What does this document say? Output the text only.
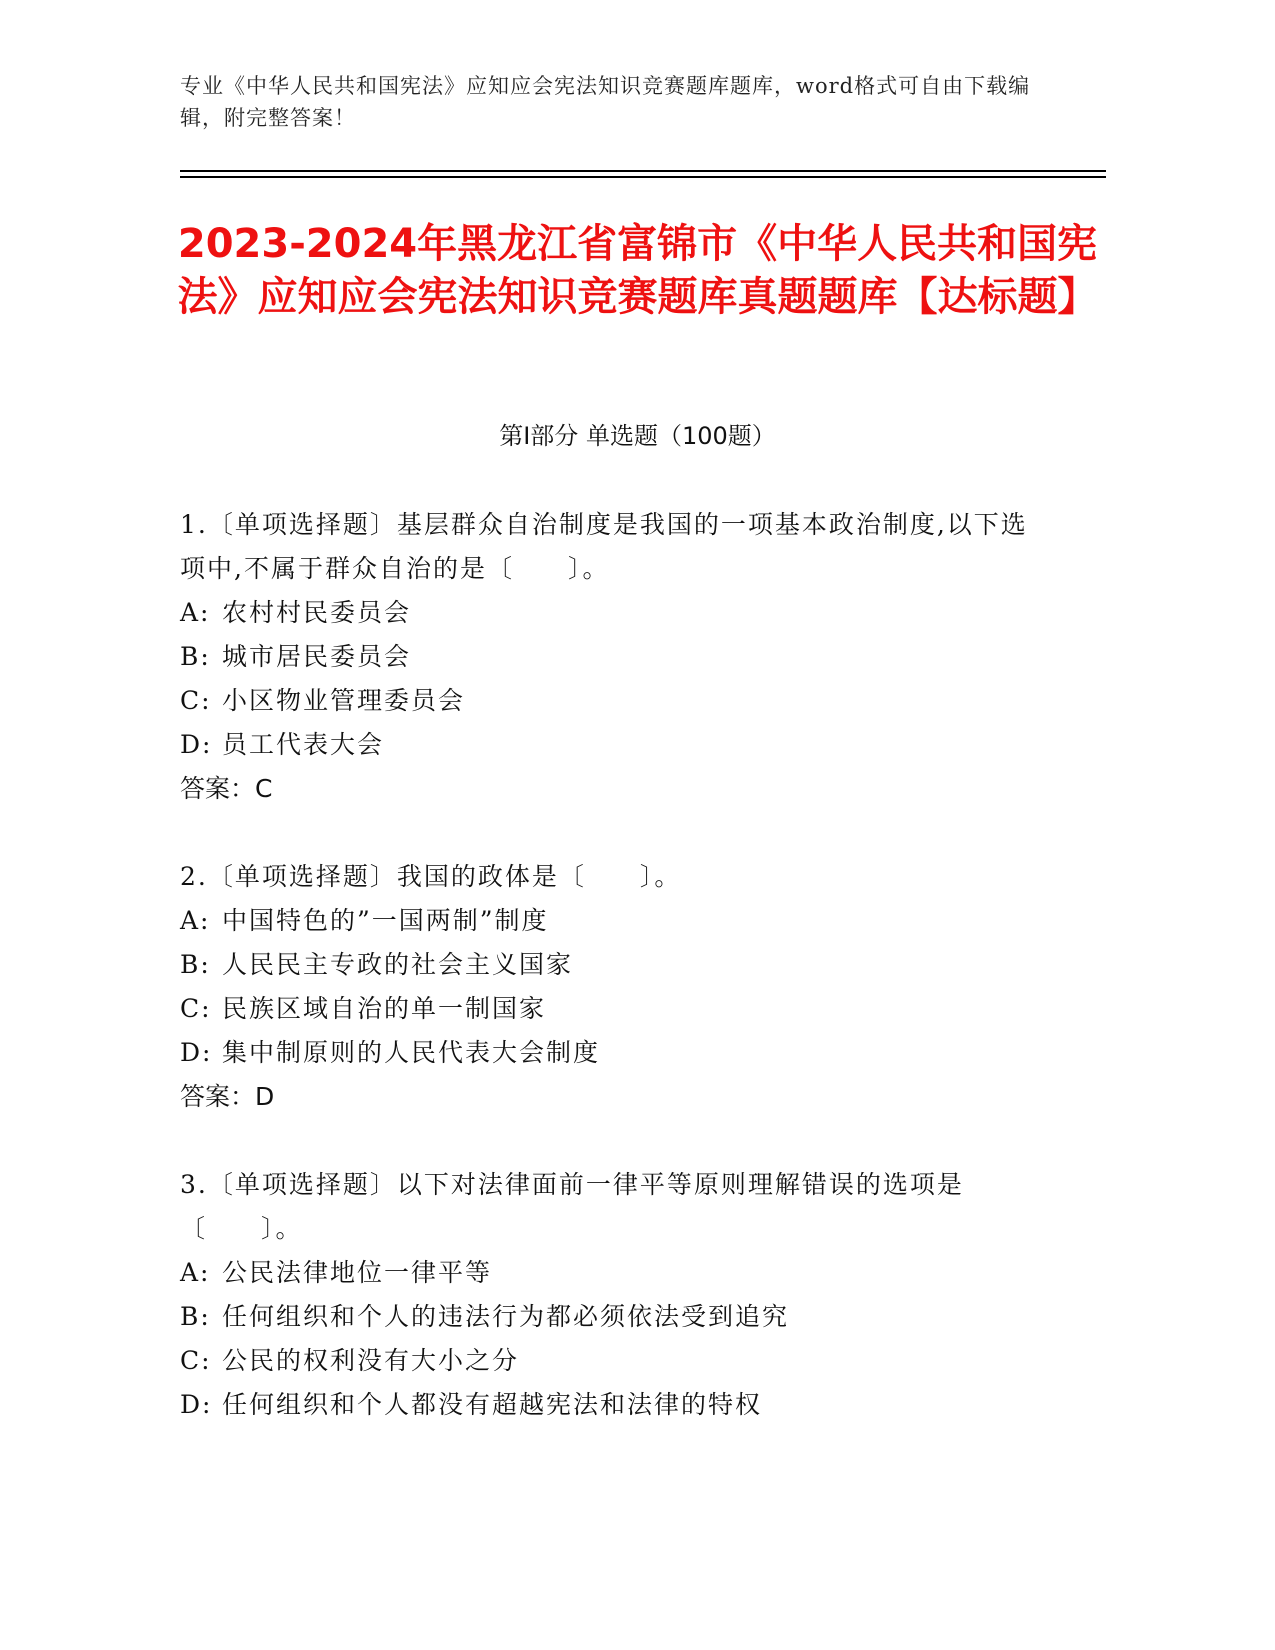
专业《中华人民共和国宪法》应知应会宪法知识竞赛题库题库，word格式可自由下载编辑，附完整答案！
2023-2024年黑龙江省富锦市《中华人民共和国宪法》应知应会宪法知识竞赛题库真题题库【达标题】
第Ⅰ部分 单选题（100题）
1.〔单项选择题〕基层群众自治制度是我国的一项基本政治制度,以下选项中,不属于群众自治的是〔　　〕。
A: 农村村民委员会
B: 城市居民委员会
C: 小区物业管理委员会
D: 员工代表大会
答案：C
2.〔单项选择题〕我国的政体是〔　　〕。
A: 中国特色的”一国两制”制度
B: 人民民主专政的社会主义国家
C: 民族区域自治的单一制国家
D: 集中制原则的人民代表大会制度
答案：D
3.〔单项选择题〕以下对法律面前一律平等原则理解错误的选项是〔　　〕。
A: 公民法律地位一律平等
B: 任何组织和个人的违法行为都必须依法受到追究
C: 公民的权利没有大小之分
D: 任何组织和个人都没有超越宪法和法律的特权
